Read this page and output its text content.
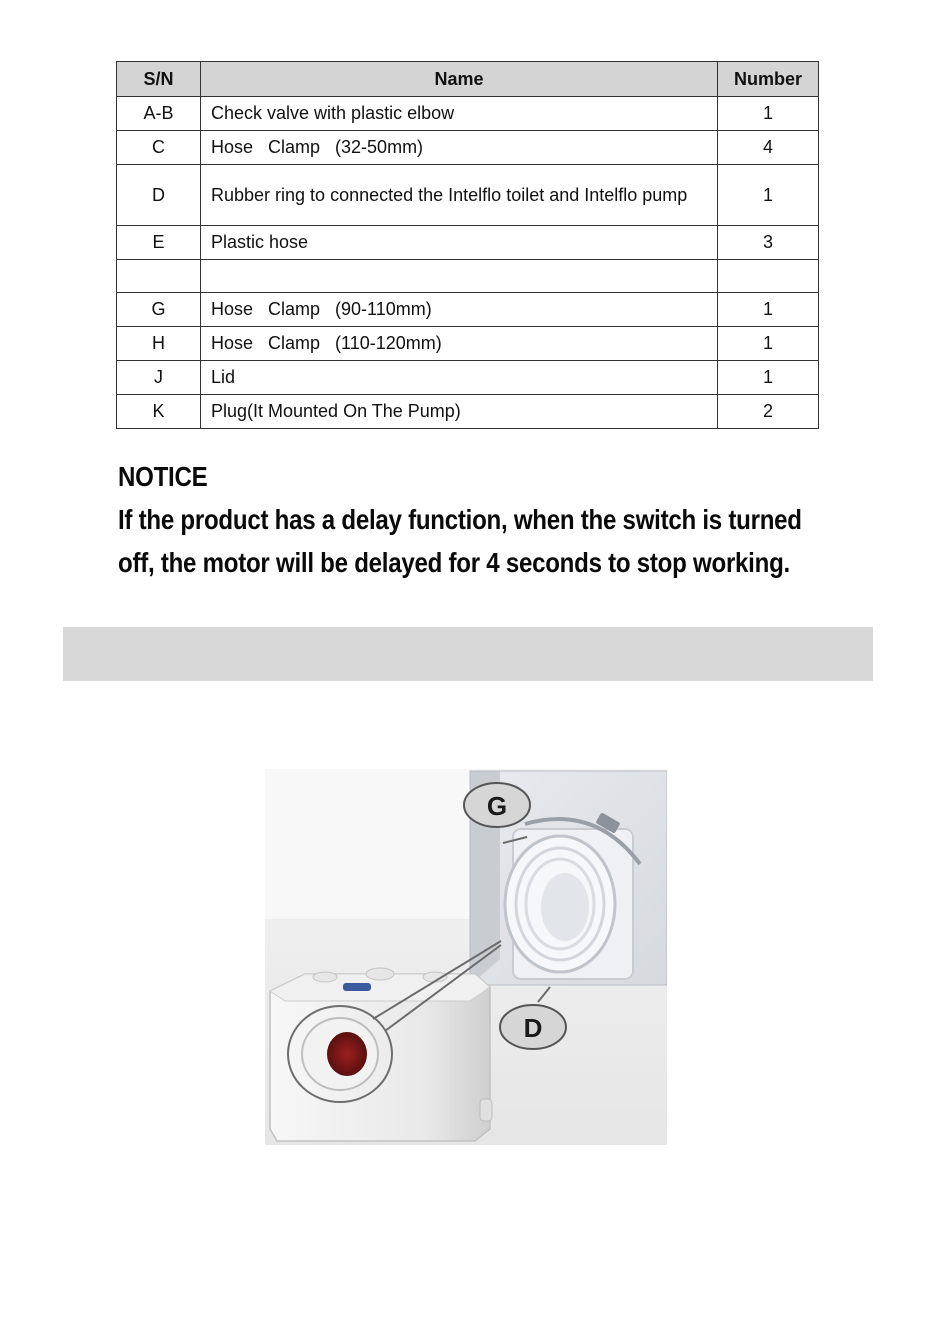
S/N	Name	Number
A-B	Check valve with plastic elbow	1
C	Hose   Clamp   (32-50mm)	4
D	Rubber ring to connected the Intelflo toilet and Intelflo pump	1
E	Plastic hose	3

G	Hose   Clamp   (90-110mm)	1
H	Hose   Clamp   (110-120mm)	1
J	Lid	1
K	Plug(It Mounted On The Pump)	2
NOTICE
If the product has a delay function, when the switch is turned off, the motor will be delayed for 4 seconds to stop working.
G
D
